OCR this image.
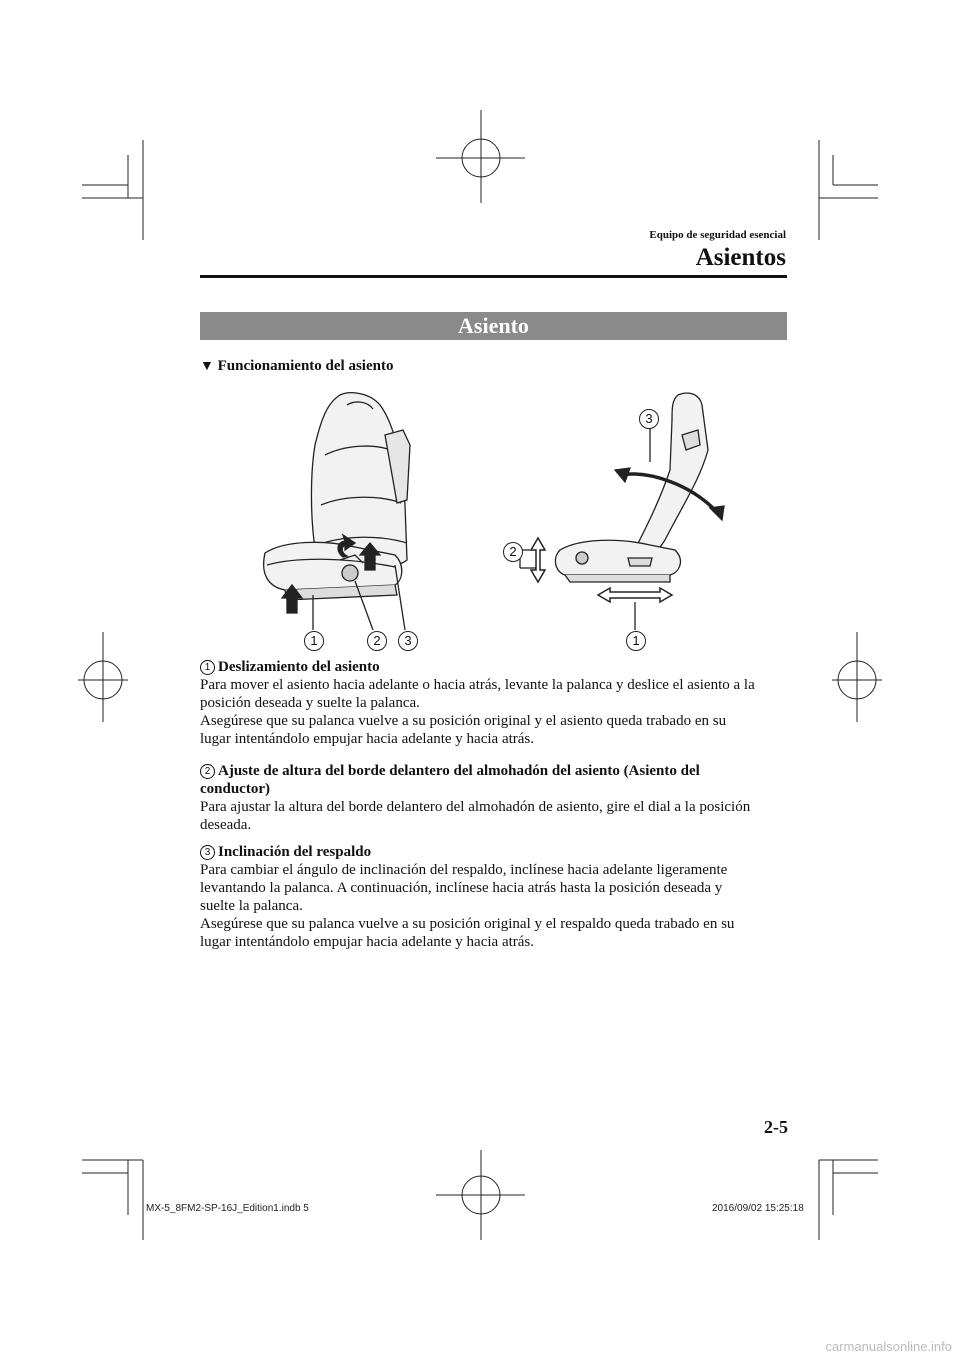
Equipo de seguridad esencial
Asientos
Asiento
▼ Funcionamiento del asiento
1	2	3
3
2
1
1 Deslizamiento del asiento
Para mover el asiento hacia adelante o hacia atrás, levante la palanca y deslice el asiento a la
posición deseada y suelte la palanca.
Asegúrese que su palanca vuelve a su posición original y el asiento queda trabado en su
lugar intentándolo empujar hacia adelante y hacia atrás.
2 Ajuste de altura del borde delantero del almohadón del asiento (Asiento del
conductor)
Para ajustar la altura del borde delantero del almohadón de asiento, gire el dial a la posición
deseada.
3 Inclinación del respaldo
Para cambiar el ángulo de inclinación del respaldo, inclínese hacia adelante ligeramente
levantando la palanca. A continuación, inclínese hacia atrás hasta la posición deseada y
suelte la palanca.
Asegúrese que su palanca vuelve a su posición original y el respaldo queda trabado en su
lugar intentándolo empujar hacia adelante y hacia atrás.
2-5
MX-5_8FM2-SP-16J_Edition1.indb 5	2016/09/02 15:25:18
carmanualsonline.info
